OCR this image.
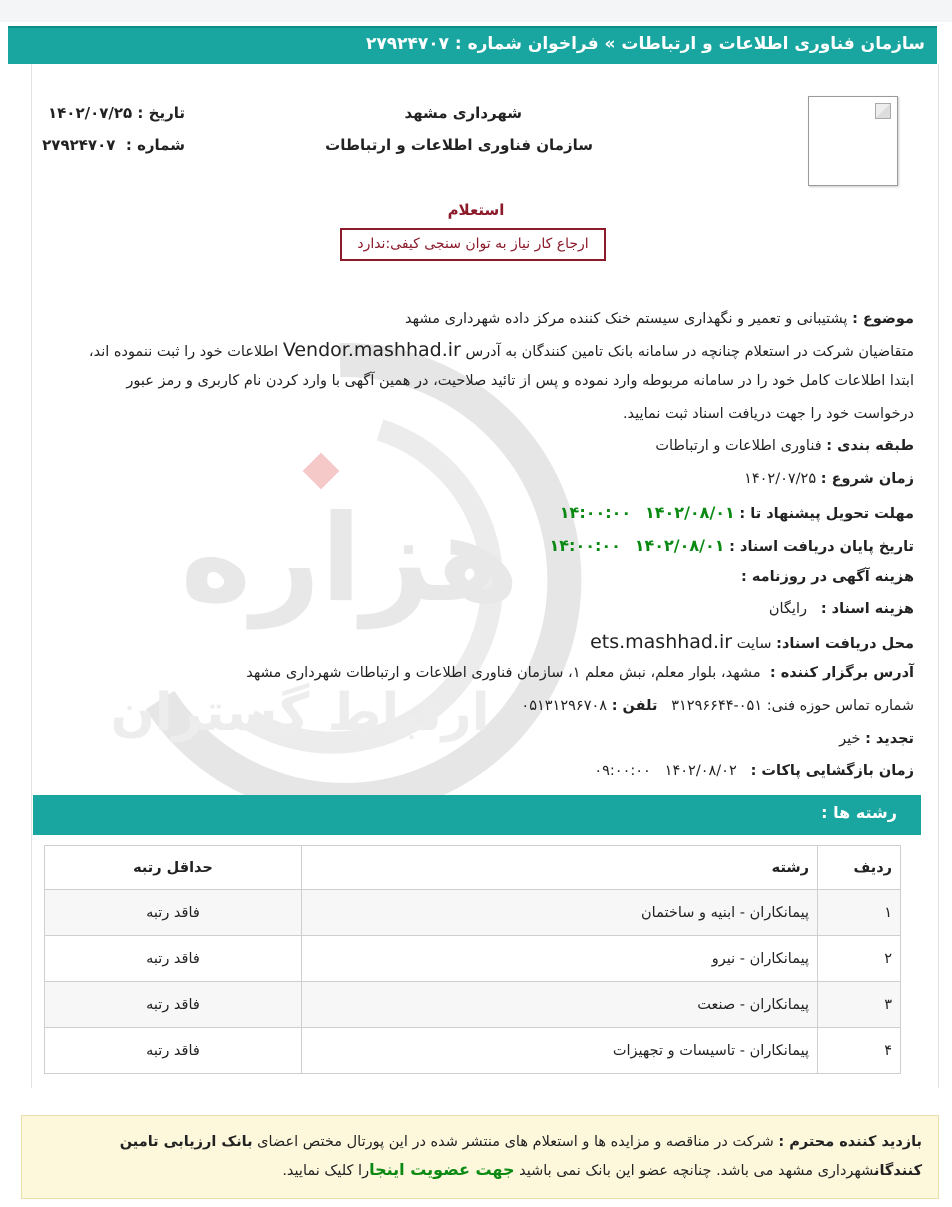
سازمان فناوری اطلاعات و ارتباطات » فراخوان شماره : ۲۷۹۲۴۷۰۷
هزاره
ارتباط گستران
شهرداری مشهد
سازمان فناوری اطلاعات و ارتباطات
تاریخ : ۱۴۰۲/۰۷/۲۵
شماره :  ۲۷۹۲۴۷۰۷
استعلام
ارجاع کار نیاز به توان سنجی کیفی:ندارد
موضوع : پشتیبانی و تعمیر و نگهداری سیستم خنک کننده مرکز داده شهرداری مشهد
متقاضیان شرکت در استعلام چنانچه در سامانه بانک تامین کنندگان به آدرس Vendor.mashhad.ir اطلاعات خود را ثبت ننموده اند،
ابتدا اطلاعات کامل خود را در سامانه مربوطه وارد نموده و پس از تائید صلاحیت، در همین آگهی با وارد کردن نام کاربری و رمز عبور
درخواست خود را جهت دریافت اسناد ثبت نمایید.
طبقه بندی : فناوری اطلاعات و ارتباطات
زمان شروع : ۱۴۰۲/۰۷/۲۵
مهلت تحویل پیشنهاد تا : ۱۴۰۲/۰۸/۰۱   ۱۴:۰۰:۰۰
تاریخ پایان دریافت اسناد : ۱۴۰۲/۰۸/۰۱   ۱۴:۰۰:۰۰
هزینه آگهی در روزنامه :
هزینه اسناد :   رایگان
محل دریافت اسناد: سایت ets.mashhad.ir
آدرس برگزار کننده :  مشهد، بلوار معلم، نبش معلم ۱، سازمان فناوری اطلاعات و ارتباطات شهرداری مشهد
شماره تماس حوزه فنی: ۰۵۱-۳۱۲۹۶۶۴۴   تلفن : ۰۵۱۳۱۲۹۶۷۰۸
تجدید : خیر
زمان بازگشایی پاکات :   ۱۴۰۲/۰۸/۰۲   ۰۹:۰۰:۰۰
رشته ها :
ردیف	رشته	حداقل رتبه
۱	پیمانکاران - ابنیه و ساختمان	فاقد رتبه
۲	پیمانکاران - نیرو	فاقد رتبه
۳	پیمانکاران - صنعت	فاقد رتبه
۴	پیمانکاران - تاسیسات و تجهیزات	فاقد رتبه
بازدید کننده محترم : شرکت در مناقصه و مزایده ها و استعلام های منتشر شده در این پورتال مختص اعضای بانک ارزیابی تامین کنندگانشهرداری مشهد می باشد. چنانچه عضو این بانک نمی باشید جهت عضویت اینجارا کلیک نمایید.
